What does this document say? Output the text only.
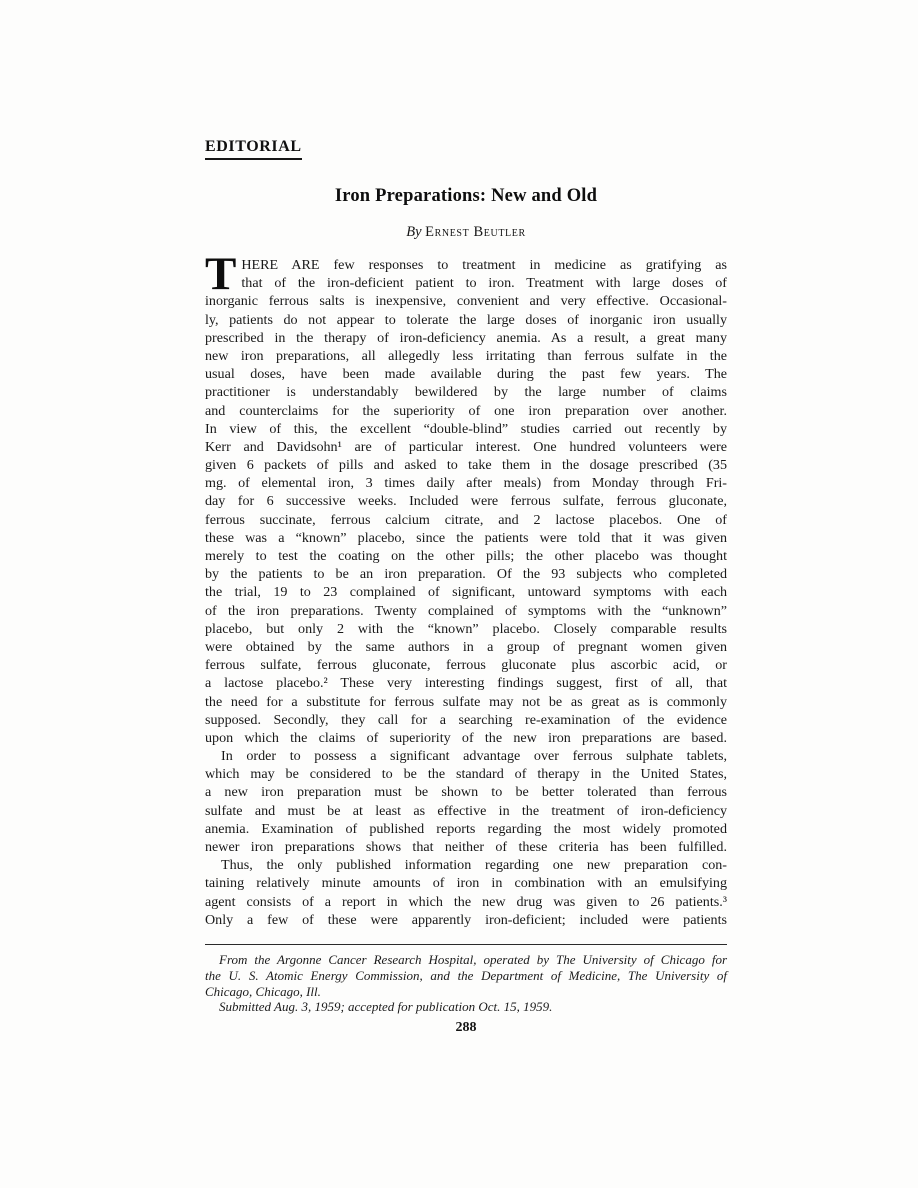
EDITORIAL
Iron Preparations: New and Old
By Ernest Beutler
T HERE ARE few responses to treatment in medicine as gratifying as
that of the iron-deficient patient to iron. Treatment with large doses of
inorganic ferrous salts is inexpensive, convenient and very effective. Occasional-
ly, patients do not appear to tolerate the large doses of inorganic iron usually
prescribed in the therapy of iron-deficiency anemia. As a result, a great many
new iron preparations, all allegedly less irritating than ferrous sulfate in the
usual doses, have been made available during the past few years. The
practitioner is understandably bewildered by the large number of claims
and counterclaims for the superiority of one iron preparation over another.
In view of this, the excellent “double-blind” studies carried out recently by
Kerr and Davidsohn¹ are of particular interest. One hundred volunteers were
given 6 packets of pills and asked to take them in the dosage prescribed (35
mg. of elemental iron, 3 times daily after meals) from Monday through Fri-
day for 6 successive weeks. Included were ferrous sulfate, ferrous gluconate,
ferrous succinate, ferrous calcium citrate, and 2 lactose placebos. One of
these was a “known” placebo, since the patients were told that it was given
merely to test the coating on the other pills; the other placebo was thought
by the patients to be an iron preparation. Of the 93 subjects who completed
the trial, 19 to 23 complained of significant, untoward symptoms with each
of the iron preparations. Twenty complained of symptoms with the “unknown”
placebo, but only 2 with the “known” placebo. Closely comparable results
were obtained by the same authors in a group of pregnant women given
ferrous sulfate, ferrous gluconate, ferrous gluconate plus ascorbic acid, or
a lactose placebo.² These very interesting findings suggest, first of all, that
the need for a substitute for ferrous sulfate may not be as great as is commonly
supposed. Secondly, they call for a searching re-examination of the evidence
upon which the claims of superiority of the new iron preparations are based.
In order to possess a significant advantage over ferrous sulphate tablets,
which may be considered to be the standard of therapy in the United States,
a new iron preparation must be shown to be better tolerated than ferrous
sulfate and must be at least as effective in the treatment of iron-deficiency
anemia. Examination of published reports regarding the most widely promoted
newer iron preparations shows that neither of these criteria has been fulfilled.
Thus, the only published information regarding one new preparation con-
taining relatively minute amounts of iron in combination with an emulsifying
agent consists of a report in which the new drug was given to 26 patients.³
Only a few of these were apparently iron-deficient; included were patients
From the Argonne Cancer Research Hospital, operated by The University of Chicago for
the U. S. Atomic Energy Commission, and the Department of Medicine, The University of
Chicago, Chicago, Ill.
Submitted Aug. 3, 1959; accepted for publication Oct. 15, 1959.
288
